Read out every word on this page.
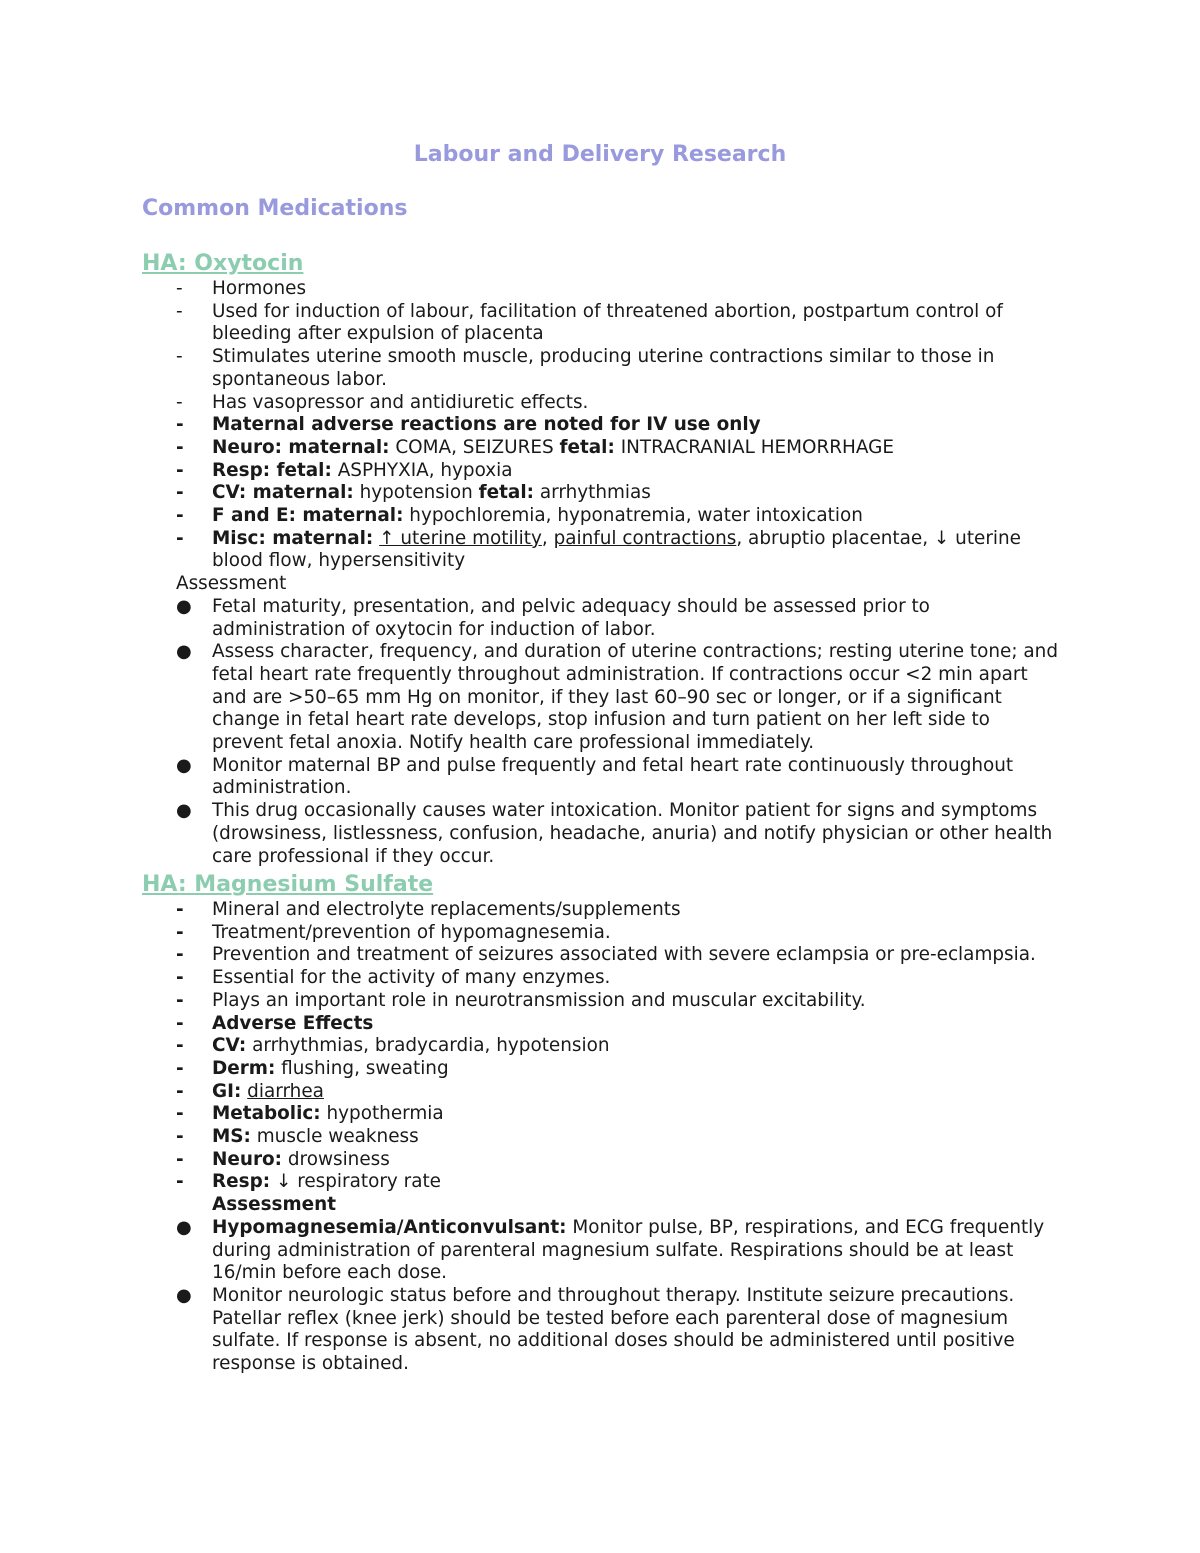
Labour and Delivery Research
Common Medications
HA: Oxytocin
-	Hormones
-	Used for induction of labour, facilitation of threatened abortion, postpartum control of bleeding after expulsion of placenta
-	Stimulates uterine smooth muscle, producing uterine contractions similar to those in spontaneous labor.
-	Has vasopressor and antidiuretic effects.
-	Maternal adverse reactions are noted for IV use only
-	Neuro: maternal: COMA, SEIZURES fetal: INTRACRANIAL HEMORRHAGE
-	Resp: fetal: ASPHYXIA, hypoxia
-	CV: maternal: hypotension fetal: arrhythmias
-	F and E: maternal: hypochloremia, hyponatremia, water intoxication
-	Misc: maternal: ↑ uterine motility, painful contractions, abruptio placentae, ↓ uterine blood flow, hypersensitivity
Assessment
● Fetal maturity, presentation, and pelvic adequacy should be assessed prior to administration of oxytocin for induction of labor.
● Assess character, frequency, and duration of uterine contractions; resting uterine tone; and fetal heart rate frequently throughout administration. If contractions occur <2 min apart and are >50–65 mm Hg on monitor, if they last 60–90 sec or longer, or if a significant change in fetal heart rate develops, stop infusion and turn patient on her left side to prevent fetal anoxia. Notify health care professional immediately.
● Monitor maternal BP and pulse frequently and fetal heart rate continuously throughout administration.
● This drug occasionally causes water intoxication. Monitor patient for signs and symptoms (drowsiness, listlessness, confusion, headache, anuria) and notify physician or other health care professional if they occur.
HA: Magnesium Sulfate
-	Mineral and electrolyte replacements/supplements
-	Treatment/prevention of hypomagnesemia.
-	Prevention and treatment of seizures associated with severe eclampsia or pre-eclampsia.
-	Essential for the activity of many enzymes.
-	Plays an important role in neurotransmission and muscular excitability.
-	Adverse Effects
-	CV: arrhythmias, bradycardia, hypotension
-	Derm: flushing, sweating
-	GI: diarrhea
-	Metabolic: hypothermia
-	MS: muscle weakness
-	Neuro: drowsiness
-	Resp: ↓ respiratory rate
Assessment
● Hypomagnesemia/Anticonvulsant: Monitor pulse, BP, respirations, and ECG frequently during administration of parenteral magnesium sulfate. Respirations should be at least 16/min before each dose.
● Monitor neurologic status before and throughout therapy. Institute seizure precautions. Patellar reflex (knee jerk) should be tested before each parenteral dose of magnesium sulfate. If response is absent, no additional doses should be administered until positive response is obtained.
